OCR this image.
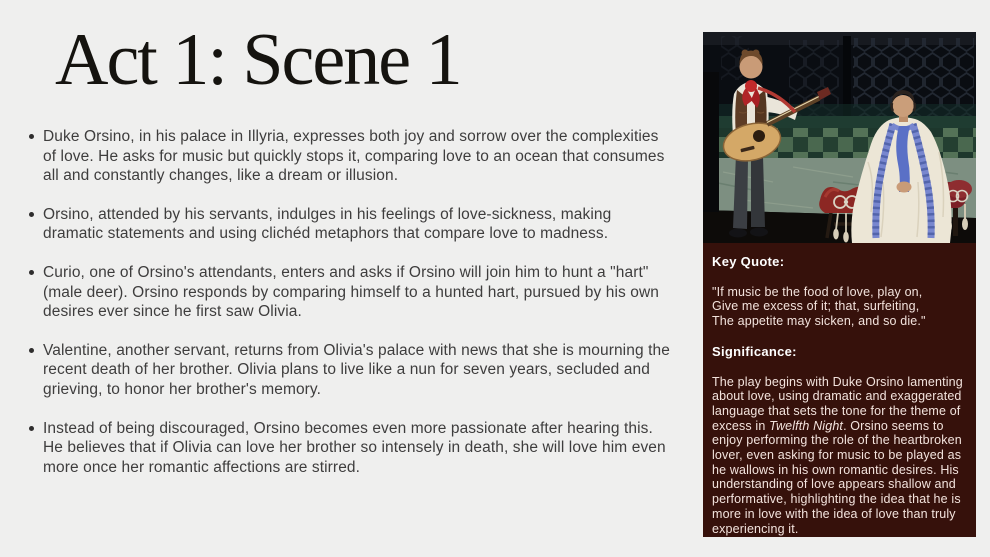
Act 1: Scene 1
Duke Orsino, in his palace in Illyria, expresses both joy and sorrow over the complexities of love. He asks for music but quickly stops it, comparing love to an ocean that consumes all and constantly changes, like a dream or illusion.
Orsino, attended by his servants, indulges in his feelings of love-sickness, making dramatic statements and using clichéd metaphors that compare love to madness.
Curio, one of Orsino's attendants, enters and asks if Orsino will join him to hunt a "hart" (male deer). Orsino responds by comparing himself to a hunted hart, pursued by his own desires ever since he first saw Olivia.
Valentine, another servant, returns from Olivia's palace with news that she is mourning the recent death of her brother. Olivia plans to live like a nun for seven years, secluded and grieving, to honor her brother's memory.
Instead of being discouraged, Orsino becomes even more passionate after hearing this. He believes that if Olivia can love her brother so intensely in death, she will love him even more once her romantic affections are stirred.

Key Quote:

"If music be the food of love, play on,
Give me excess of it; that, surfeiting,
The appetite may sicken, and so die."

Significance:

The play begins with Duke Orsino lamenting about love, using dramatic and exaggerated language that sets the tone for the theme of excess in Twelfth Night. Orsino seems to enjoy performing the role of the heartbroken lover, even asking for music to be played as he wallows in his own romantic desires. His understanding of love appears shallow and performative, highlighting the idea that he is more in love with the idea of love than truly experiencing it.
